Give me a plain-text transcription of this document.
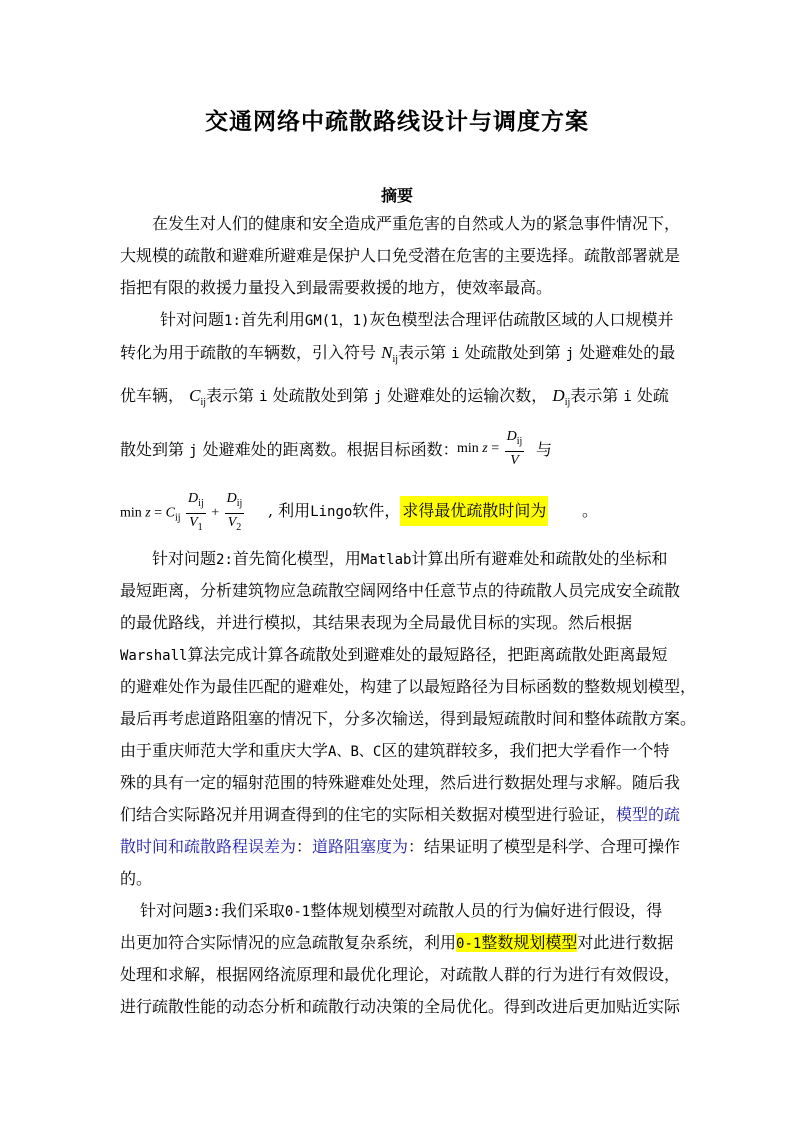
交通网络中疏散路线设计与调度方案
摘要
在发生对人们的健康和安全造成严重危害的自然或人为的紧急事件情况下，
大规模的疏散和避难所避难是保护人口免受潜在危害的主要选择。疏散部署就是
指把有限的救援力量投入到最需要救援的地方，使效率最高。
针对问题1:首先利用GM(1，1)灰色模型法合理评估疏散区域的人口规模并
转化为用于疏散的车辆数，引入符号 $N_{ij}$表示第 i 处疏散处到第 j 处避难处的最
优车辆， $C_{ij}$表示第 i 处疏散处到第 j 处避难处的运输次数， $D_{ij}$表示第 i 处疏
散处到第 j 处避难处的距离数。根据目标函数：
$\min z = \frac{D_{ij}}{V}$ 与
$\min z = C_{ij} \frac{D_{ij}}{V_1} + \frac{D_{ij}}{V_2}$ , 利用Lingo软件， 求得最优疏散时间为 。
针对问题2:首先简化模型，用Matlab计算出所有避难处和疏散处的坐标和
最短距离，分析建筑物应急疏散空阔网络中任意节点的待疏散人员完成安全疏散
的最优路线，并进行模拟，其结果表现为全局最优目标的实现。然后根据
Warshall算法完成计算各疏散处到避难处的最短路径，把距离疏散处距离最短
的避难处作为最佳匹配的避难处，构建了以最短路径为目标函数的整数规划模型，
最后再考虑道路阻塞的情况下，分多次输送，得到最短疏散时间和整体疏散方案。
由于重庆师范大学和重庆大学A、B、C区的建筑群较多，我们把大学看作一个特
殊的具有一定的辐射范围的特殊避难处处理，然后进行数据处理与求解。随后我
们结合实际路况并用调查得到的住宅的实际相关数据对模型进行验证，模型的疏
散时间和疏散路程误差为：道路阻塞度为：结果证明了模型是科学、合理可操作
的。
针对问题3:我们采取0-1整体规划模型对疏散人员的行为偏好进行假设，得
出更加符合实际情况的应急疏散复杂系统，利用0-1整数规划模型对此进行数据
处理和求解，根据网络流原理和最优化理论，对疏散人群的行为进行有效假设，
进行疏散性能的动态分析和疏散行动决策的全局优化。得到改进后更加贴近实际
